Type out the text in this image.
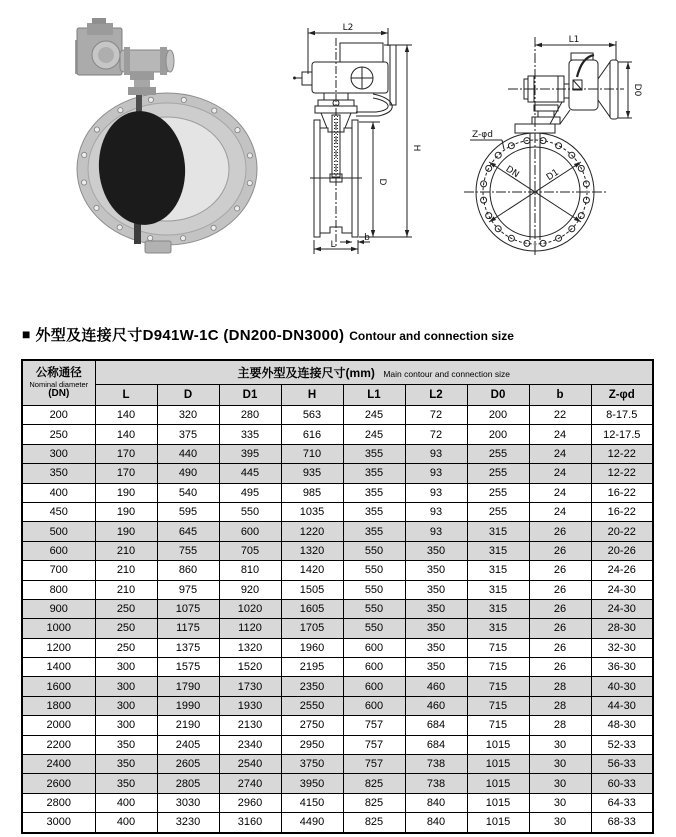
L2
D
H
L
b
L1
D0
Z-φd
DN	D1
■ 外型及连接尺寸D941W-1C (DN200-DN3000) Contour and connection size
公称通径
Nominal diameter
(DN)	主要外型及连接尺寸(mm) Main contour and connection size								
	L	D	D1	H	L1	L2	D0	b	Z-φd
200	140	320	280	563	245	72	200	22	8-17.5
250	140	375	335	616	245	72	200	24	12-17.5
300	170	440	395	710	355	93	255	24	12-22
350	170	490	445	935	355	93	255	24	12-22
400	190	540	495	985	355	93	255	24	16-22
450	190	595	550	1035	355	93	255	24	16-22
500	190	645	600	1220	355	93	315	26	20-22
600	210	755	705	1320	550	350	315	26	20-26
700	210	860	810	1420	550	350	315	26	24-26
800	210	975	920	1505	550	350	315	26	24-30
900	250	1075	1020	1605	550	350	315	26	24-30
1000	250	1175	1120	1705	550	350	315	26	28-30
1200	250	1375	1320	1960	600	350	715	26	32-30
1400	300	1575	1520	2195	600	350	715	26	36-30
1600	300	1790	1730	2350	600	460	715	28	40-30
1800	300	1990	1930	2550	600	460	715	28	44-30
2000	300	2190	2130	2750	757	684	715	28	48-30
2200	350	2405	2340	2950	757	684	1015	30	52-33
2400	350	2605	2540	3750	757	738	1015	30	56-33
2600	350	2805	2740	3950	825	738	1015	30	60-33
2800	400	3030	2960	4150	825	840	1015	30	64-33
3000	400	3230	3160	4490	825	840	1015	30	68-33
